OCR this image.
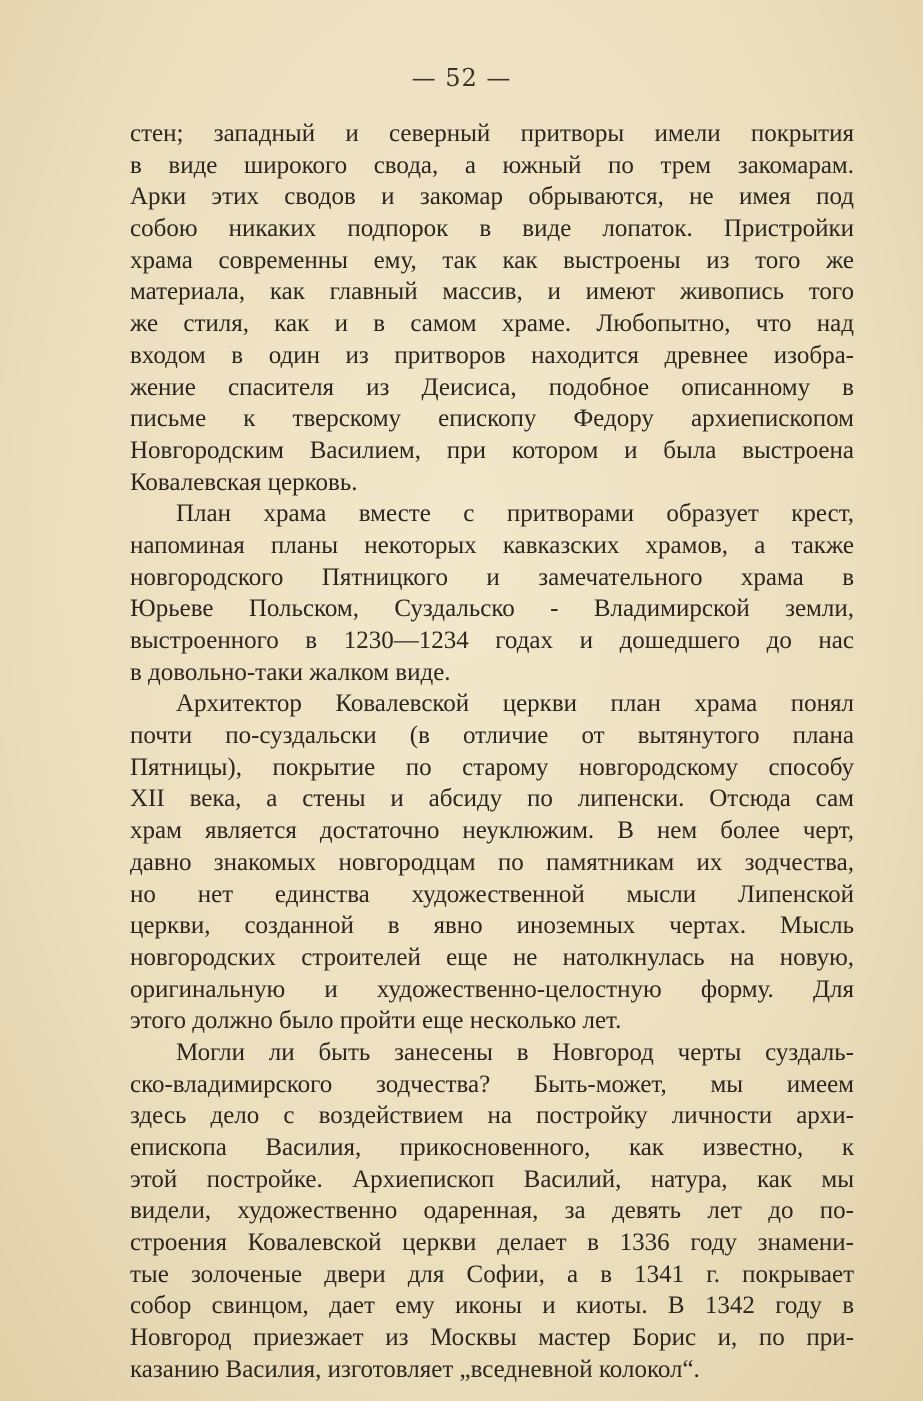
— 52 —
стен; западный и северный притворы имели покрытия
в виде широкого свода, а южный по трем закомарам.
Арки этих сводов и закомар обрываются, не имея под
собою никаких подпорок в виде лопаток. Пристройки
храма современны ему, так как выстроены из того же
материала, как главный массив, и имеют живопись того
же стиля, как и в самом храме. Любопытно, что над
входом в один из притворов находится древнее изобра-
жение спасителя из Деисиса, подобное описанному в
письме к тверскому епископу Федору архиепископом
Новгородским Василием, при котором и была выстроена
Ковалевская церковь.
План храма вместе с притворами образует крест,
напоминая планы некоторых кавказских храмов, а также
новгородского Пятницкого и замечательного храма в
Юрьеве Польском, Суздальско - Владимирской земли,
выстроенного в 1230—1234 годах и дошедшего до нас
в довольно-таки жалком виде.
Архитектор Ковалевской церкви план храма понял
почти по-суздальски (в отличие от вытянутого плана
Пятницы), покрытие по старому новгородскому способу
XII века, а стены и абсиду по липенски. Отсюда сам
храм является достаточно неуклюжим. В нем более черт,
давно знакомых новгородцам по памятникам их зодчества,
но нет единства художественной мысли Липенской
церкви, созданной в явно иноземных чертах. Мысль
новгородских строителей еще не натолкнулась на новую,
оригинальную и художественно-целостную форму. Для
этого должно было пройти еще несколько лет.
Могли ли быть занесены в Новгород черты суздаль-
ско-владимирского зодчества? Быть-может, мы имеем
здесь дело с воздействием на постройку личности архи-
епископа Василия, прикосновенного, как известно, к
этой постройке. Архиепископ Василий, натура, как мы
видели, художественно одаренная, за девять лет до по-
строения Ковалевской церкви делает в 1336 году знамени-
тые золоченые двери для Софии, а в 1341 г. покрывает
собор свинцом, дает ему иконы и киоты. В 1342 году в
Новгород приезжает из Москвы мастер Борис и, по при-
казанию Василия, изготовляет „вседневной колокол“.
